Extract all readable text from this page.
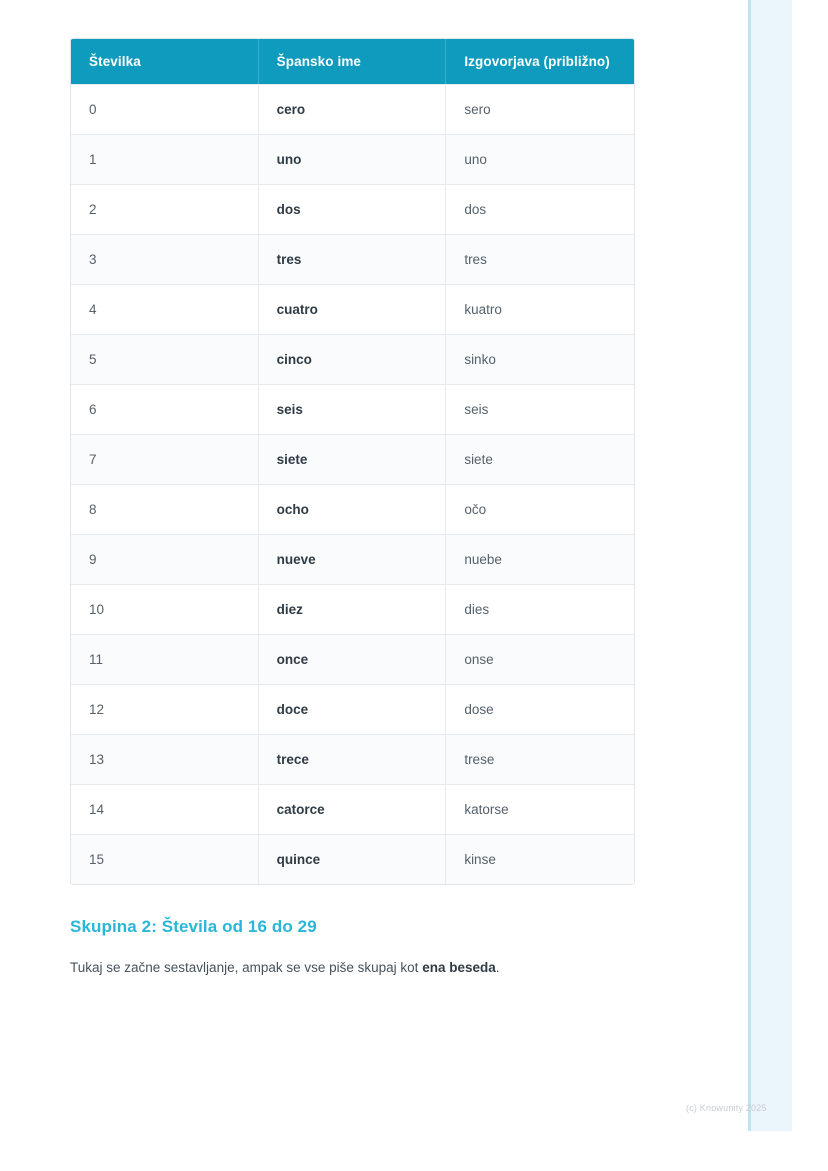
Številka	Špansko ime	Izgovorjava (približno)
0	cero	sero
1	uno	uno
2	dos	dos
3	tres	tres
4	cuatro	kuatro
5	cinco	sinko
6	seis	seis
7	siete	siete
8	ocho	očo
9	nueve	nuebe
10	diez	dies
11	once	onse
12	doce	dose
13	trece	trese
14	catorce	katorse
15	quince	kinse
Skupina 2: Števila od 16 do 29

Tukaj se začne sestavljanje, ampak se vse piše skupaj kot ena beseda.

(c) Knowunity 2025
